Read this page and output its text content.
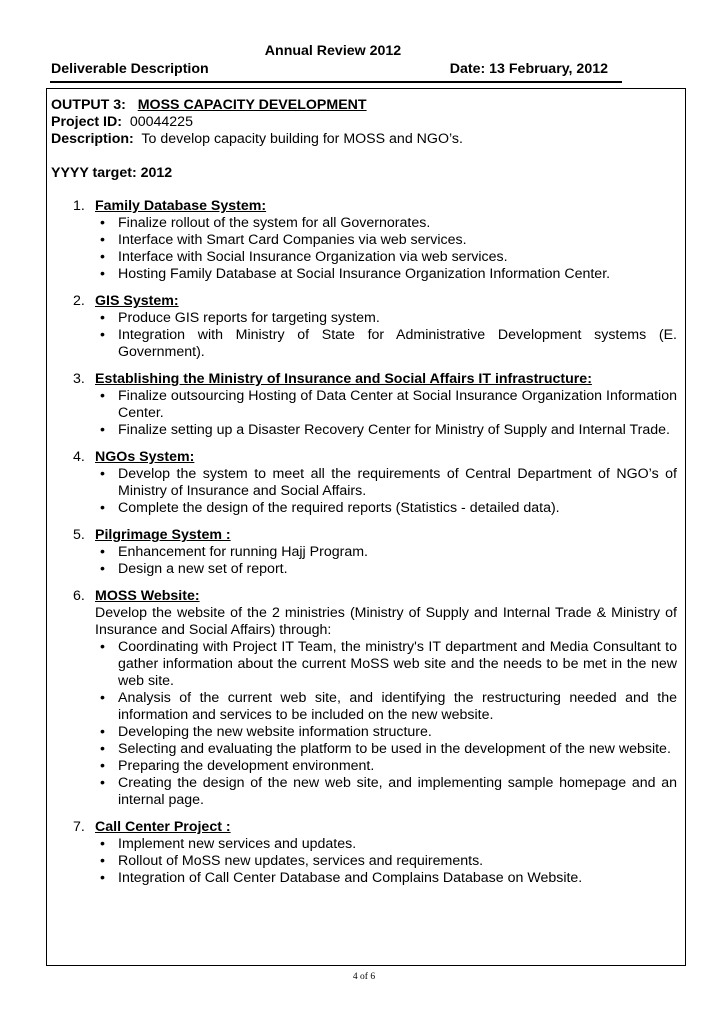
Annual Review 2012
Deliverable Description	Date: 13 February, 2012
OUTPUT 3:   MOSS CAPACITY DEVELOPMENT
Project ID: 00044225
Description: To develop capacity building for MOSS and NGO’s.
YYYY target: 2012
1. Family Database System:
• Finalize rollout of the system for all Governorates.
• Interface with Smart Card Companies via web services.
• Interface with Social Insurance Organization via web services.
• Hosting Family Database at Social Insurance Organization Information Center.
2. GIS System:
• Produce GIS reports for targeting system.
• Integration with Ministry of State for Administrative Development systems (E. Government).
3. Establishing the Ministry of Insurance and Social Affairs IT infrastructure:
• Finalize outsourcing Hosting of Data Center at Social Insurance Organization Information Center.
• Finalize setting up a Disaster Recovery Center for Ministry of Supply and Internal Trade.
4. NGOs System:
• Develop the system to meet all the requirements of Central Department of NGO’s of Ministry of Insurance and Social Affairs.
• Complete the design of the required reports (Statistics - detailed data).
5. Pilgrimage System :
• Enhancement for running Hajj Program.
• Design a new set of report.
6. MOSS Website:
Develop the website of the 2 ministries (Ministry of Supply and Internal Trade & Ministry of Insurance and Social Affairs) through:
• Coordinating with Project IT Team, the ministry's IT department and Media Consultant to gather information about the current MoSS web site and the needs to be met in the new web site.
• Analysis of the current web site, and identifying the restructuring needed and the information and services to be included on the new website.
• Developing the new website information structure.
• Selecting and evaluating the platform to be used in the development of the new website.
• Preparing the development environment.
• Creating the design of the new web site, and implementing sample homepage and an internal page.
7. Call Center Project :
• Implement new services and updates.
• Rollout of MoSS new updates, services and requirements.
• Integration of Call Center Database and Complains Database on Website.
4 of 6
